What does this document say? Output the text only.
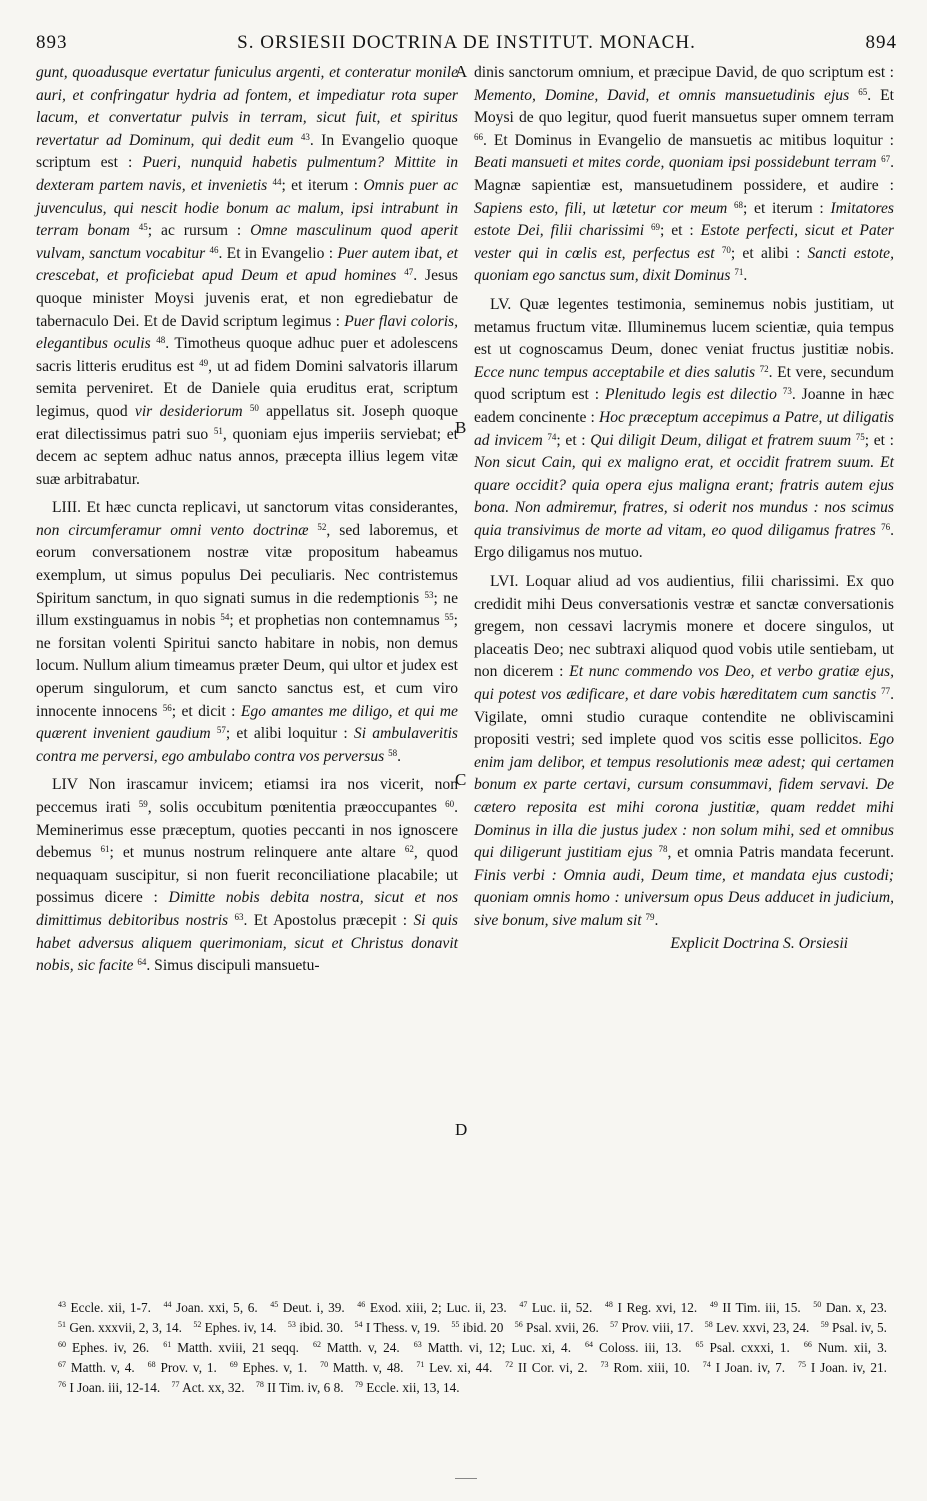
893	S. ORSIESII DOCTRINA DE INSTITUT. MONACH.	894

gunt, quoadusque evertatur funiculus argenti, et conteratur monile auri, et confringatur hydria ad fontem, et impediatur rota super lacum, et convertatur pulvis in terram, sicut fuit, et spiritus revertatur ad Dominum, qui dedit eum $^{43}$. In Evangelio quoque scriptum est : Pueri, nunquid habetis pulmentum? Mittite in dexteram partem navis, et invenietis $^{44}$; et iterum : Omnis puer ac juvenculus, qui nescit hodie bonum ac malum, ipsi intrabunt in terram bonam $^{45}$; ac rursum : Omne masculinum quod aperit vulvam, sanctum vocabitur $^{46}$. Et in Evangelio : Puer autem ibat, et crescebat, et proficiebat apud Deum et apud homines $^{47}$. Jesus quoque minister Moysi juvenis erat, et non egrediebatur de tabernaculo Dei. Et de David scriptum legimus : Puer flavi coloris, elegantibus oculis $^{48}$. Timotheus quoque adhuc puer et adolescens sacris litteris eruditus est $^{49}$, ut ad fidem Domini salvatoris illarum semita perveniret. Et de Daniele quia eruditus erat, scriptum legimus, quod vir desideriorum $^{50}$ appellatus sit. Joseph quoque erat dilectissimus patri suo $^{51}$, quoniam ejus imperiis serviebat; et decem ac septem adhuc natus annos, præcepta illius legem vitæ suæ arbitrabatur.

LIII. Et hæc cuncta replicavi, ut sanctorum vitas considerantes, non circumferamur omni vento doctrinæ $^{52}$, sed laboremus, et eorum conversationem nostræ vitæ propositum habeamus exemplum, ut simus populus Dei peculiaris. Nec contristemus Spiritum sanctum, in quo signati sumus in die redemptionis $^{53}$; ne illum exstinguamus in nobis $^{54}$; et prophetias non contemnamus $^{55}$; ne forsitan volenti Spiritui sancto habitare in nobis, non demus locum. Nullum alium timeamus præter Deum, qui ultor et judex est operum singulorum, et cum sancto sanctus est, et cum viro innocente innocens $^{56}$; et dicit : Ego amantes me diligo, et qui me quærent invenient gaudium $^{57}$; et alibi loquitur : Si ambulaveritis contra me perversi, ego ambulabo contra vos perversus $^{58}$.

LIV Non irascamur invicem; etiamsi ira nos vicerit, non peccemus irati $^{59}$, solis occubitum pœnitentia præoccupantes $^{60}$. Meminerimus esse præceptum, quoties peccanti in nos ignoscere debemus $^{61}$; et munus nostrum relinquere ante altare $^{62}$, quod nequaquam suscipitur, si non fuerit reconciliatione placabile; ut possimus dicere : Dimitte nobis debita nostra, sicut et nos dimittimus debitoribus nostris $^{63}$. Et Apostolus præcepit : Si quis habet adversus aliquem querimoniam, sicut et Christus donavit nobis, sic facite $^{64}$. Simus discipuli mansuetu-

A
B
C
D

dinis sanctorum omnium, et præcipue David, de quo scriptum est : Memento, Domine, David, et omnis mansuetudinis ejus $^{65}$. Et Moysi de quo legitur, quod fuerit mansuetus super omnem terram $^{66}$. Et Dominus in Evangelio de mansuetis ac mitibus loquitur : Beati mansueti et mites corde, quoniam ipsi possidebunt terram $^{67}$. Magnæ sapientiæ est, mansuetudinem possidere, et audire : Sapiens esto, fili, ut lætetur cor meum $^{68}$; et iterum : Imitatores estote Dei, filii charissimi $^{69}$; et : Estote perfecti, sicut et Pater vester qui in cœlis est, perfectus est $^{70}$; et alibi : Sancti estote, quoniam ego sanctus sum, dixit Dominus $^{71}$.

LV. Quæ legentes testimonia, seminemus nobis justitiam, ut metamus fructum vitæ. Illuminemus lucem scientiæ, quia tempus est ut cognoscamus Deum, donec veniat fructus justitiæ nobis. Ecce nunc tempus acceptabile et dies salutis $^{72}$. Et vere, secundum quod scriptum est : Plenitudo legis est dilectio $^{73}$. Joanne in hæc eadem concinente : Hoc præceptum accepimus a Patre, ut diligatis ad invicem $^{74}$; et : Qui diligit Deum, diligat et fratrem suum $^{75}$; et : Non sicut Cain, qui ex maligno erat, et occidit fratrem suum. Et quare occidit? quia opera ejus maligna erant; fratris autem ejus bona. Non admiremur, fratres, si oderit nos mundus : nos scimus quia transivimus de morte ad vitam, eo quod diligamus fratres $^{76}$. Ergo diligamus nos mutuo.

LVI. Loquar aliud ad vos audientius, filii charissimi. Ex quo credidit mihi Deus conversationis vestræ et sanctæ conversationis gregem, non cessavi lacrymis monere et docere singulos, ut placeatis Deo; nec subtraxi aliquod quod vobis utile sentiebam, ut non dicerem : Et nunc commendo vos Deo, et verbo gratiæ ejus, qui potest vos ædificare, et dare vobis hæreditatem cum sanctis $^{77}$. Vigilate, omni studio curaque contendite ne obliviscamini propositi vestri; sed implete quod vos scitis esse pollicitos. Ego enim jam delibor, et tempus resolutionis meæ adest; qui certamen bonum ex parte certavi, cursum consummavi, fidem servavi. De cætero reposita est mihi corona justitiæ, quam reddet mihi Dominus in illa die justus judex : non solum mihi, sed et omnibus qui diligerunt justitiam ejus $^{78}$, et omnia Patris mandata fecerunt. Finis verbi : Omnia audi, Deum time, et mandata ejus custodi; quoniam omnis homo : universum opus Deus adducet in judicium, sive bonum, sive malum sit $^{79}$.

Explicit Doctrina S. Orsiesii

$^{43}$ Eccle. xii, 1-7. $^{44}$ Joan. xxi, 5, 6. $^{45}$ Deut. i, 39. $^{46}$ Exod. xiii, 2; Luc. ii, 23. $^{47}$ Luc. ii, 52. $^{48}$ I Reg. xvi, 12. $^{49}$ II Tim. iii, 15. $^{50}$ Dan. x, 23. $^{51}$ Gen. xxxvii, 2, 3, 14. $^{52}$ Ephes. iv, 14. $^{53}$ ibid. 30. $^{54}$ I Thess. v, 19. $^{55}$ ibid. 20 $^{56}$ Psal. xvii, 26. $^{57}$ Prov. viii, 17. $^{58}$ Lev. xxvi, 23, 24. $^{59}$ Psal. iv, 5. $^{60}$ Ephes. iv, 26. $^{61}$ Matth. xviii, 21 seqq. $^{62}$ Matth. v, 24. $^{63}$ Matth. vi, 12; Luc. xi, 4. $^{64}$ Coloss. iii, 13. $^{65}$ Psal. cxxxi, 1. $^{66}$ Num. xii, 3. $^{67}$ Matth. v, 4. $^{68}$ Prov. v, 1. $^{69}$ Ephes. v, 1. $^{70}$ Matth. v, 48. $^{71}$ Lev. xi, 44. $^{72}$ II Cor. vi, 2. $^{73}$ Rom. xiii, 10. $^{74}$ I Joan. iv, 7. $^{75}$ I Joan. iv, 21. $^{76}$ I Joan. iii, 12-14. $^{77}$ Act. xx, 32. $^{78}$ II Tim. iv, 6 8. $^{79}$ Eccle. xii, 13, 14.
